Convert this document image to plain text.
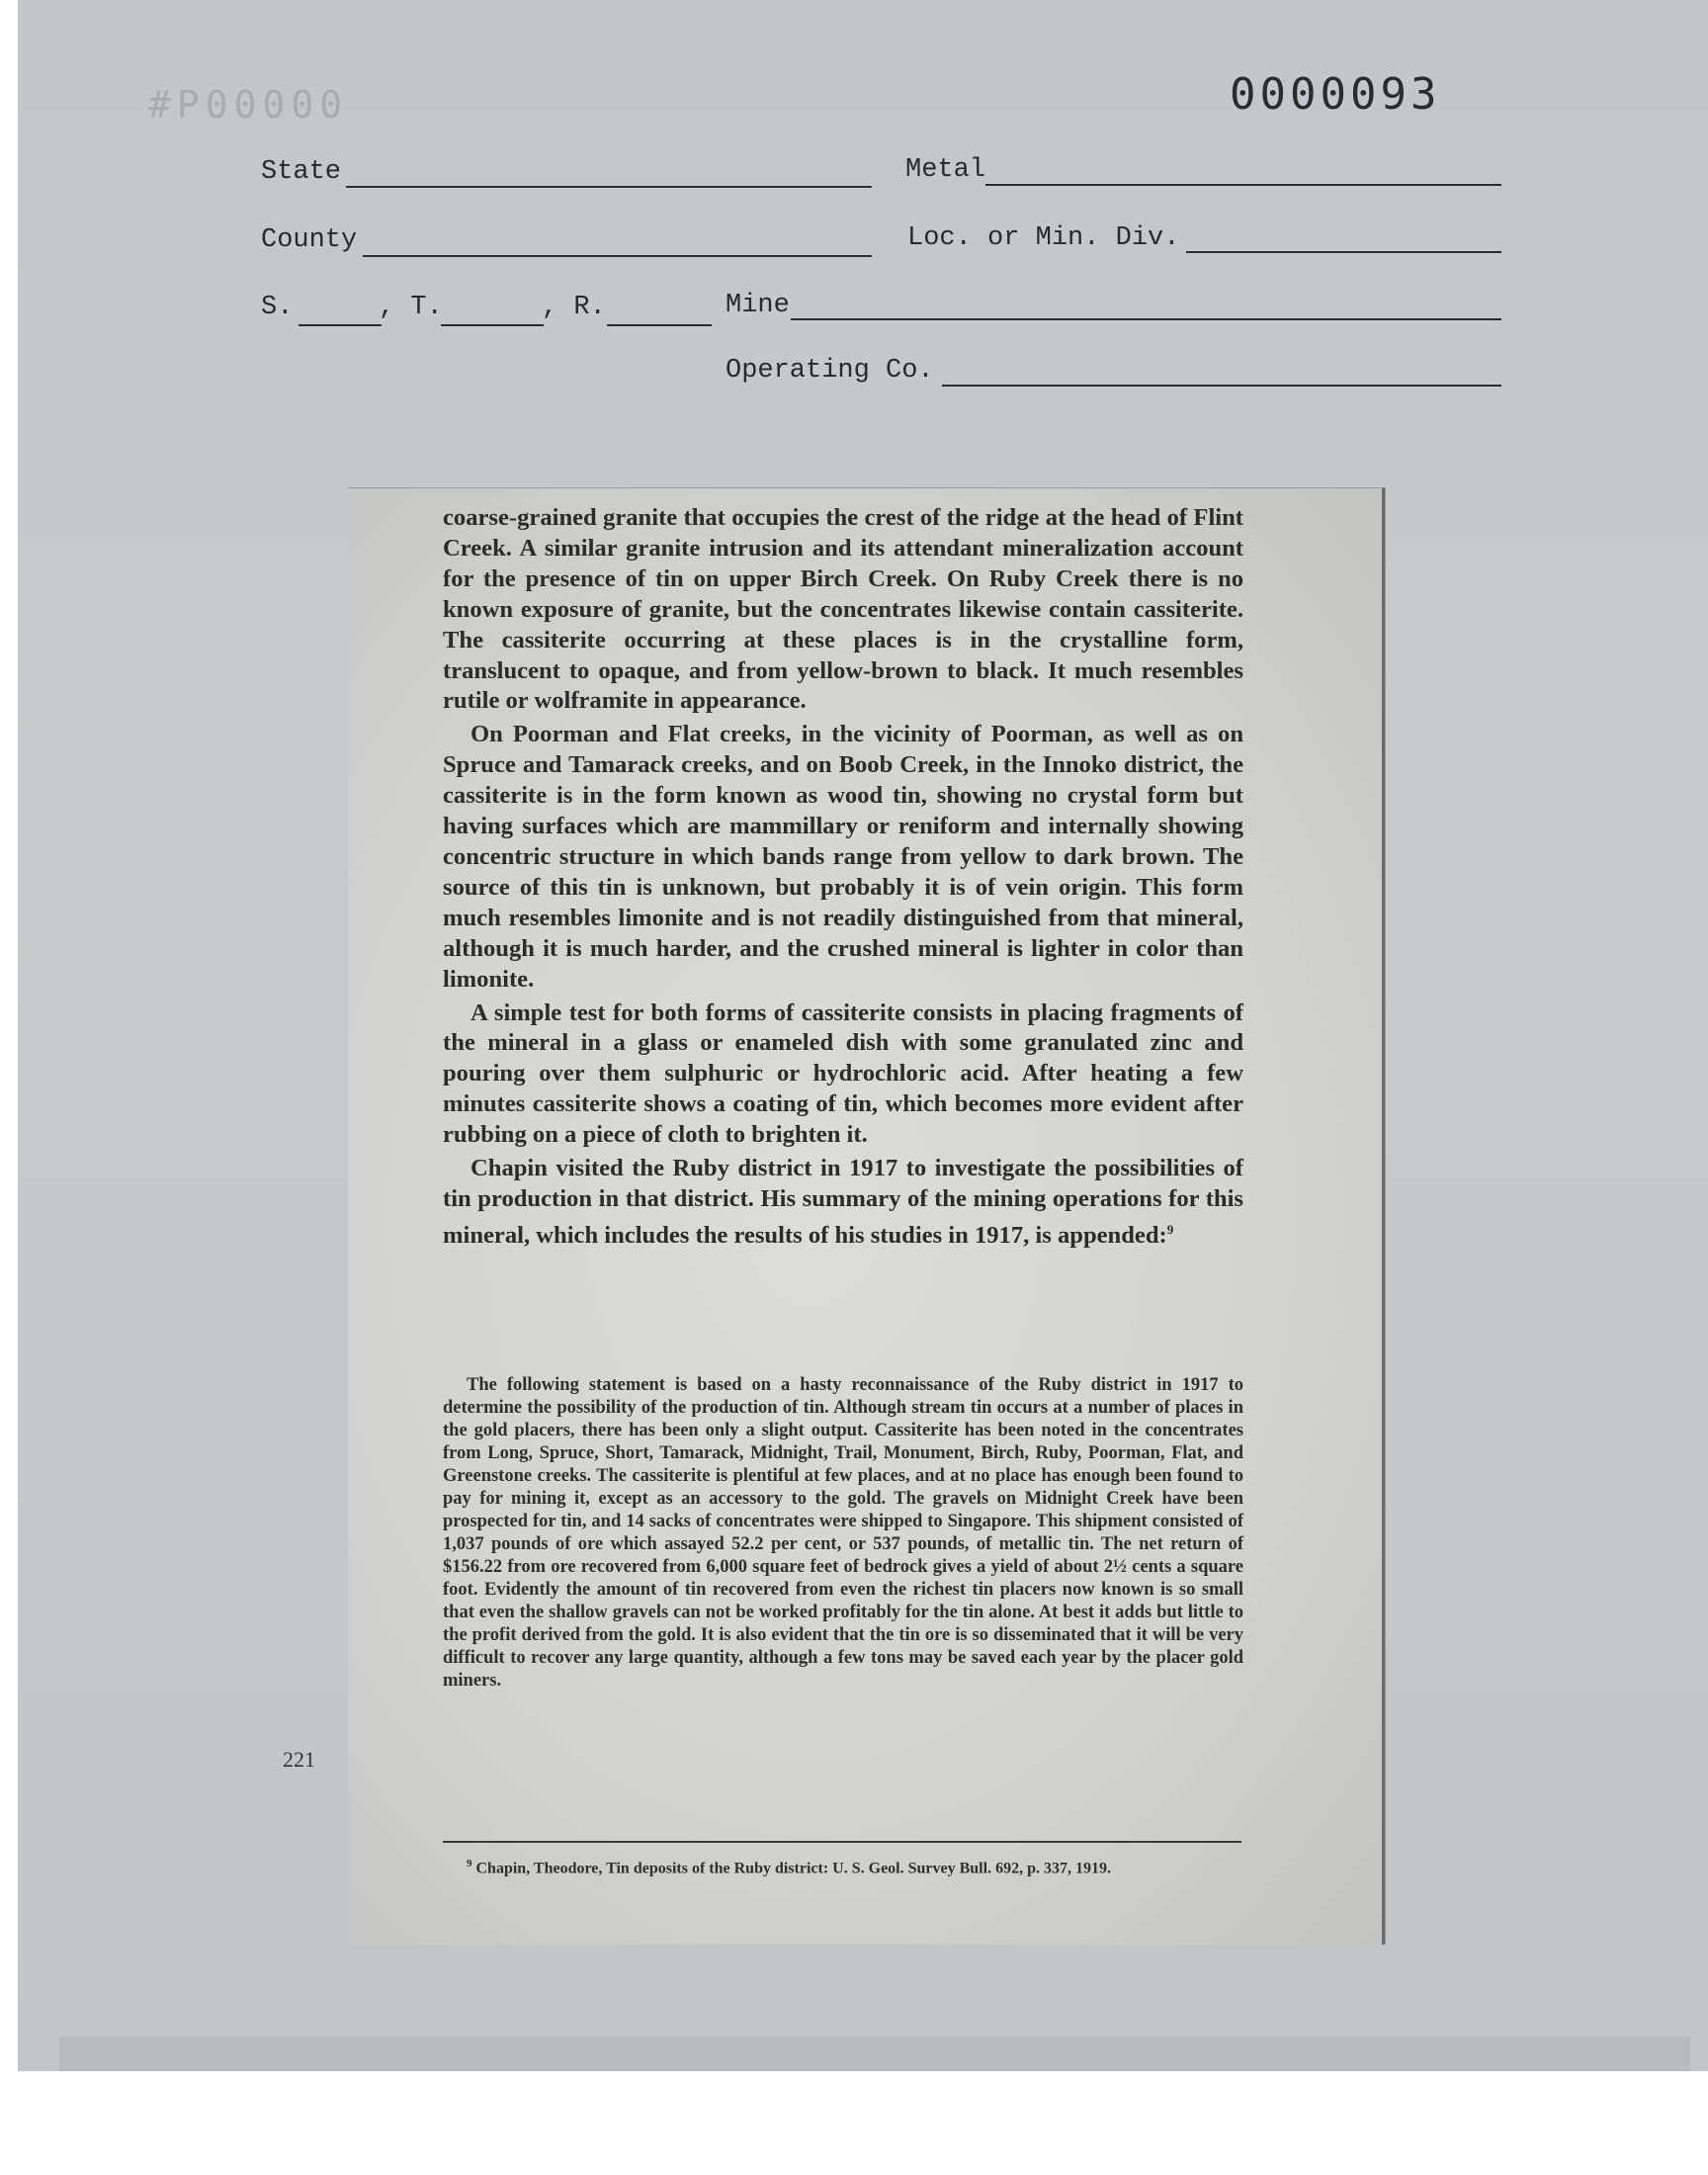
#P00000	0000093
State	Metal
County	Loc. or Min. Div.
S.	, T.	, R.	Mine
Operating Co.

coarse-grained granite that occupies the crest of the ridge at the head of Flint Creek. A similar granite intrusion and its attendant mineralization account for the presence of tin on upper Birch Creek. On Ruby Creek there is no known exposure of granite, but the concentrates likewise contain cassiterite. The cassiterite occurring at these places is in the crystalline form, translucent to opaque, and from yellow-brown to black. It much resembles rutile or wolframite in appearance.

On Poorman and Flat creeks, in the vicinity of Poorman, as well as on Spruce and Tamarack creeks, and on Boob Creek, in the Innoko district, the cassiterite is in the form known as wood tin, showing no crystal form but having surfaces which are mammillary or reniform and internally showing concentric structure in which bands range from yellow to dark brown. The source of this tin is unknown, but probably it is of vein origin. This form much resembles limonite and is not readily distinguished from that mineral, although it is much harder, and the crushed mineral is lighter in color than limonite.

A simple test for both forms of cassiterite consists in placing fragments of the mineral in a glass or enameled dish with some granulated zinc and pouring over them sulphuric or hydrochloric acid. After heating a few minutes cassiterite shows a coating of tin, which becomes more evident after rubbing on a piece of cloth to brighten it.

Chapin visited the Ruby district in 1917 to investigate the possibilities of tin production in that district. His summary of the mining operations for this mineral, which includes the results of his studies in 1917, is appended:$^9$

The following statement is based on a hasty reconnaissance of the Ruby district in 1917 to determine the possibility of the production of tin. Although stream tin occurs at a number of places in the gold placers, there has been only a slight output. Cassiterite has been noted in the concentrates from Long, Spruce, Short, Tamarack, Midnight, Trail, Monument, Birch, Ruby, Poorman, Flat, and Greenstone creeks. The cassiterite is plentiful at few places, and at no place has enough been found to pay for mining it, except as an accessory to the gold. The gravels on Midnight Creek have been prospected for tin, and 14 sacks of concentrates were shipped to Singapore. This shipment consisted of 1,037 pounds of ore which assayed 52.2 per cent, or 537 pounds, of metallic tin. The net return of $156.22 from ore recovered from 6,000 square feet of bedrock gives a yield of about 2½ cents a square foot. Evidently the amount of tin recovered from even the richest tin placers now known is so small that even the shallow gravels can not be worked profitably for the tin alone. At best it adds but little to the profit derived from the gold. It is also evident that the tin ore is so disseminated that it will be very difficult to recover any large quantity, although a few tons may be saved each year by the placer gold miners.
$^9$ Chapin, Theodore, Tin deposits of the Ruby district: U. S. Geol. Survey Bull. 692, p. 337, 1919.
221
